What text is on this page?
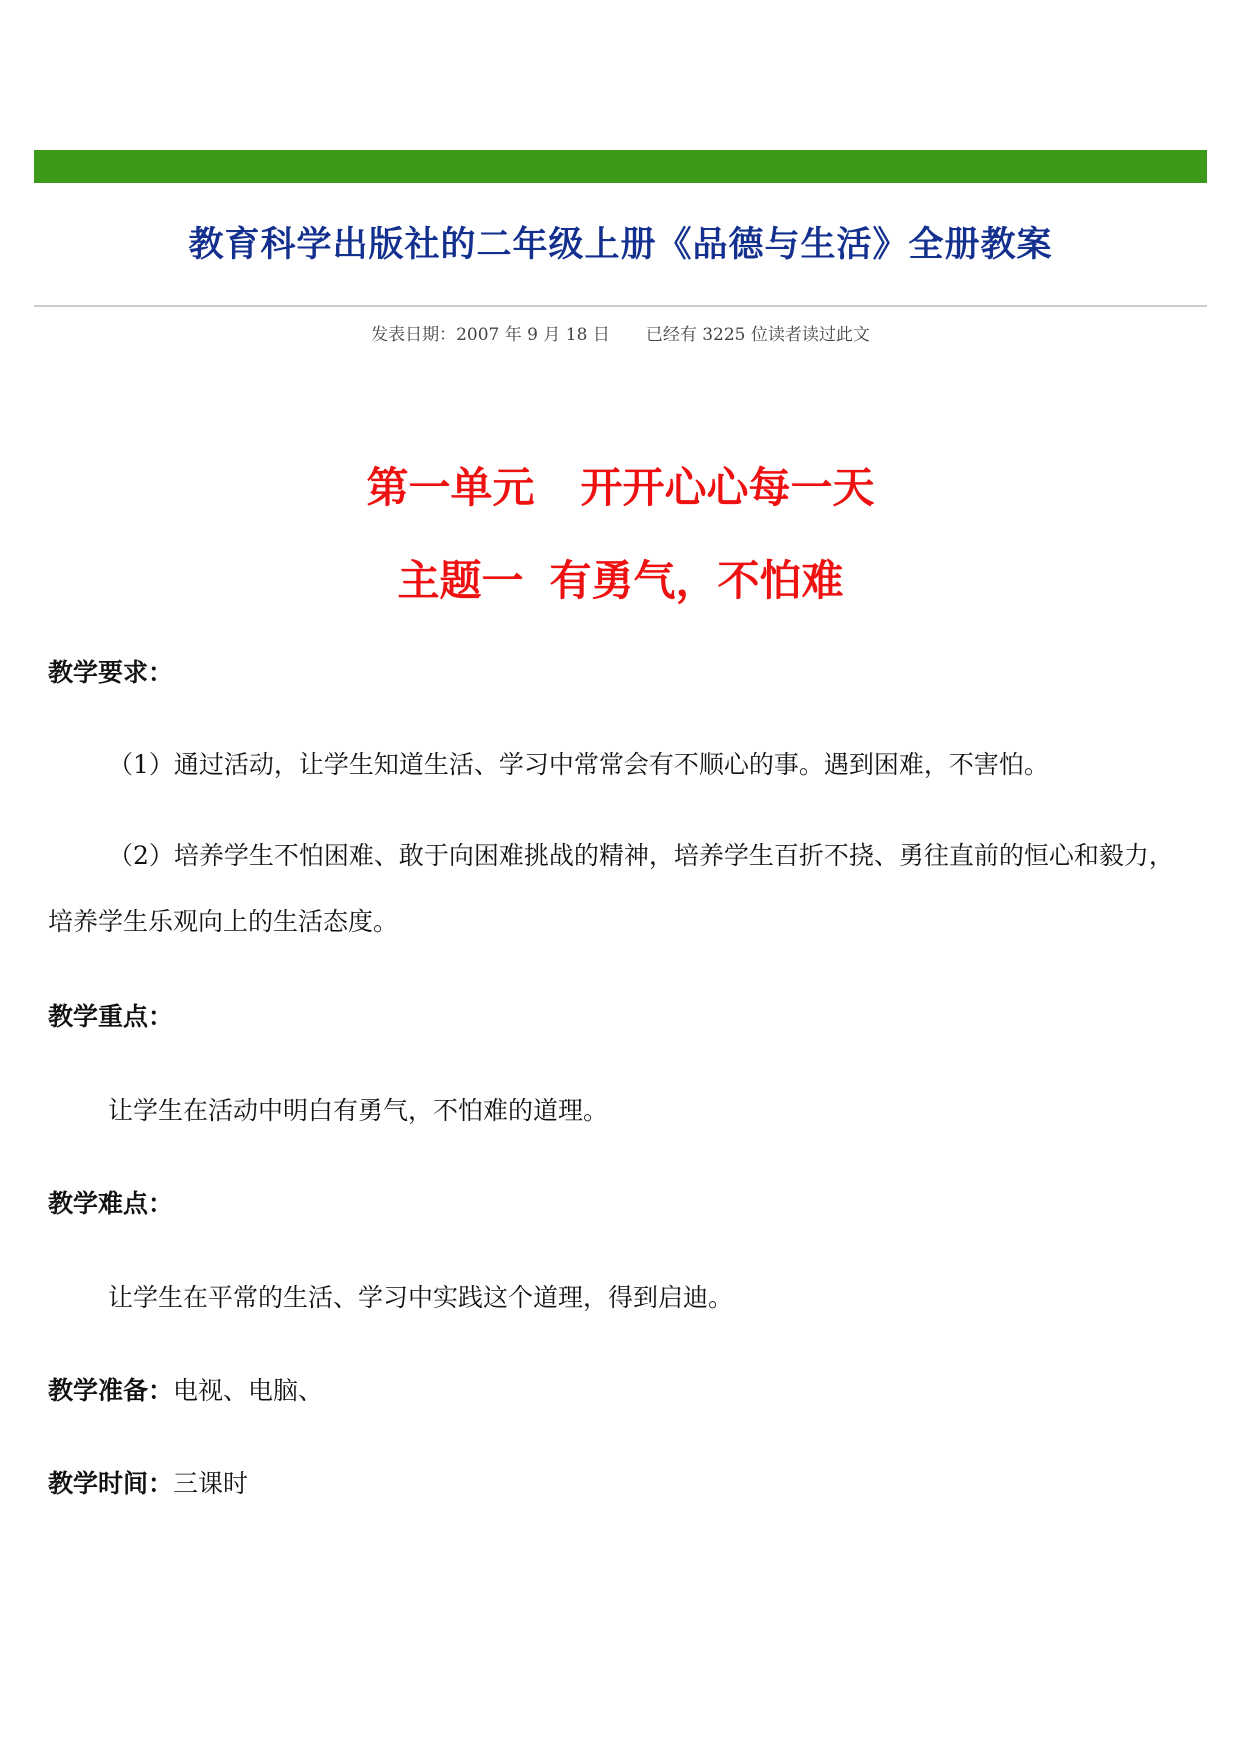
教育科学出版社的二年级上册《品德与生活》全册教案
发表日期：2007 年 9 月 18 日 已经有 3225 位读者读过此文
第一单元 开开心心每一天
主题一 有勇气，不怕难
教学要求：
（1）通过活动，让学生知道生活、学习中常常会有不顺心的事。遇到困难，不害怕。
（2）培养学生不怕困难、敢于向困难挑战的精神，培养学生百折不挠、勇往直前的恒心和毅力，培养学生乐观向上的生活态度。
教学重点：
让学生在活动中明白有勇气，不怕难的道理。
教学难点：
让学生在平常的生活、学习中实践这个道理，得到启迪。
教学准备：电视、电脑、
教学时间：三课时
